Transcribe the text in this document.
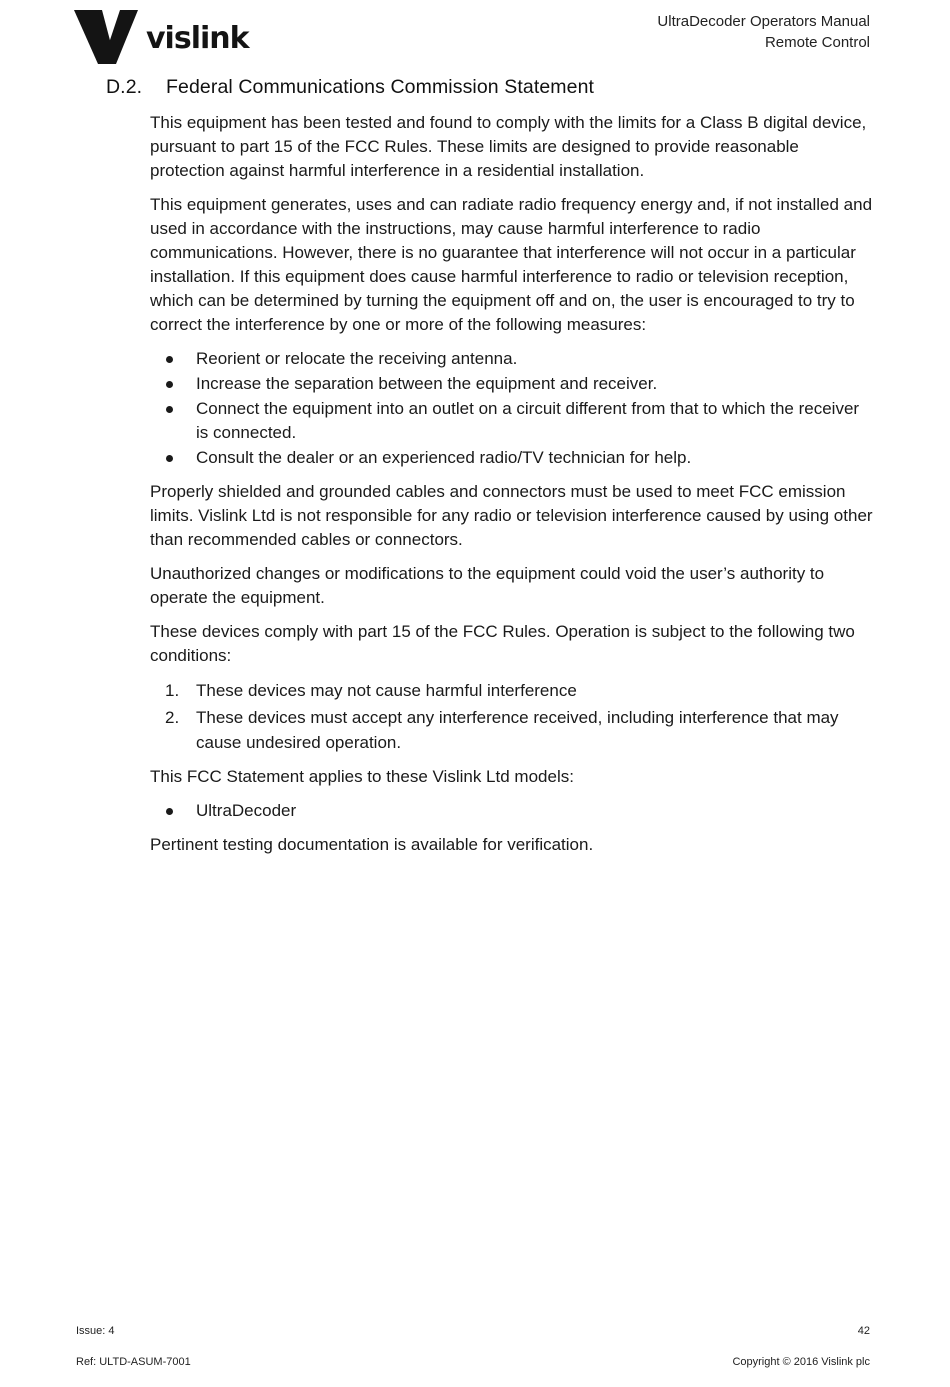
vislink	UltraDecoder Operators Manual
Remote Control
D.2. Federal Communications Commission Statement

This equipment has been tested and found to comply with the limits for a Class B digital device, pursuant to part 15 of the FCC Rules. These limits are designed to provide reasonable protection against harmful interference in a residential installation.

This equipment generates, uses and can radiate radio frequency energy and, if not installed and used in accordance with the instructions, may cause harmful interference to radio communications. However, there is no guarantee that interference will not occur in a particular installation. If this equipment does cause harmful interference to radio or television reception, which can be determined by turning the equipment off and on, the user is encouraged to try to correct the interference by one or more of the following measures:

Reorient or relocate the receiving antenna.
Increase the separation between the equipment and receiver.
Connect the equipment into an outlet on a circuit different from that to which the receiver is connected.
Consult the dealer or an experienced radio/TV technician for help.

Properly shielded and grounded cables and connectors must be used to meet FCC emission limits. Vislink Ltd is not responsible for any radio or television interference caused by using other than recommended cables or connectors.

Unauthorized changes or modifications to the equipment could void the user’s authority to operate the equipment.

These devices comply with part 15 of the FCC Rules. Operation is subject to the following two conditions:

1. These devices may not cause harmful interference
2. These devices must accept any interference received, including interference that may cause undesired operation.

This FCC Statement applies to these Vislink Ltd models:

UltraDecoder

Pertinent testing documentation is available for verification.

Issue: 4	42
Ref: ULTD-ASUM-7001	Copyright © 2016 Vislink plc
